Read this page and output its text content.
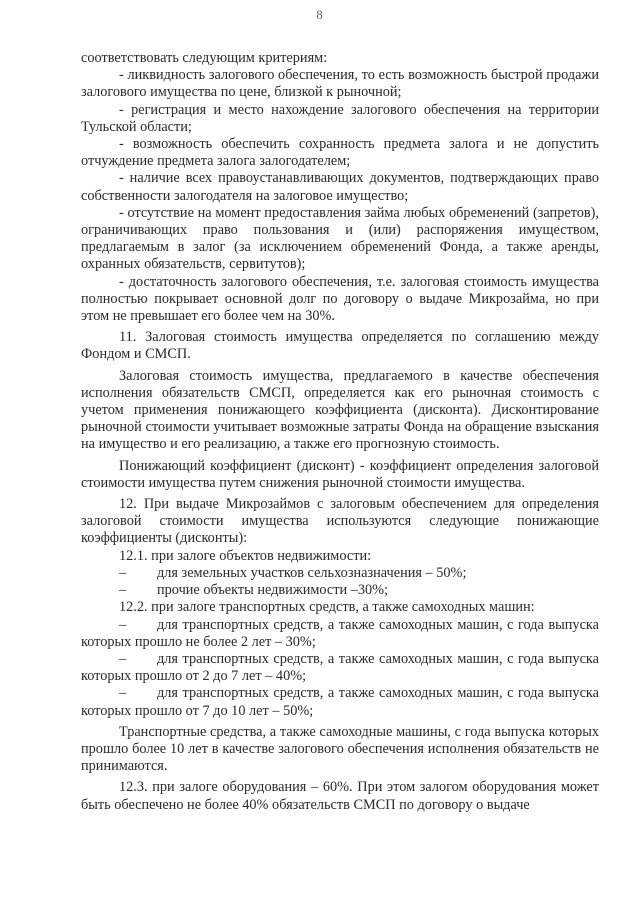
8

соответствовать следующим критериям:

- ликвидность залогового обеспечения, то есть возможность быстрой продажи залогового имущества по цене, близкой к рыночной;

- регистрация и место нахождение залогового обеспечения на территории Тульской области;

- возможность обеспечить сохранность предмета залога и не допустить отчуждение предмета залога залогодателем;

- наличие всех правоустанавливающих документов, подтверждающих право собственности залогодателя на залоговое имущество;

- отсутствие на момент предоставления займа любых обременений (запретов), ограничивающих право пользования и (или) распоряжения имуществом, предлагаемым в залог (за исключением обременений Фонда, а также аренды, охранных обязательств, сервитутов);

- достаточность залогового обеспечения, т.е. залоговая стоимость имущества полностью покрывает основной долг по договору о выдаче Микрозайма, но при этом не превышает его более чем на 30%.

11. Залоговая стоимость имущества определяется по соглашению между Фондом и СМСП.

Залоговая стоимость имущества, предлагаемого в качестве обеспечения исполнения обязательств СМСП, определяется как его рыночная стоимость с учетом применения понижающего коэффициента (дисконта). Дисконтирование рыночной стоимости учитывает возможные затраты Фонда на обращение взыскания на имущество и его реализацию, а также его прогнозную стоимость.

Понижающий коэффициент (дисконт) - коэффициент определения залоговой стоимости имущества путем снижения рыночной стоимости имущества.

12. При выдаче Микрозаймов с залоговым обеспечением для определения залоговой стоимости имущества используются следующие понижающие коэффициенты (дисконты):

12.1. при залоге объектов недвижимости:

– для земельных участков сельхозназначения – 50%;

– прочие объекты недвижимости –30%;

12.2. при залоге транспортных средств, а также самоходных машин:

– для транспортных средств, а также самоходных машин, с года выпуска которых прошло не более 2 лет – 30%;

– для транспортных средств, а также самоходных машин, с года выпуска которых прошло от 2 до 7 лет – 40%;

– для транспортных средств, а также самоходных машин, с года выпуска которых прошло от 7 до 10 лет – 50%;

Транспортные средства, а также самоходные машины, с года выпуска которых прошло более 10 лет в качестве залогового обеспечения исполнения обязательств не принимаются.

12.3. при залоге оборудования – 60%. При этом залогом оборудования может быть обеспечено не более 40% обязательств СМСП по договору о выдаче
